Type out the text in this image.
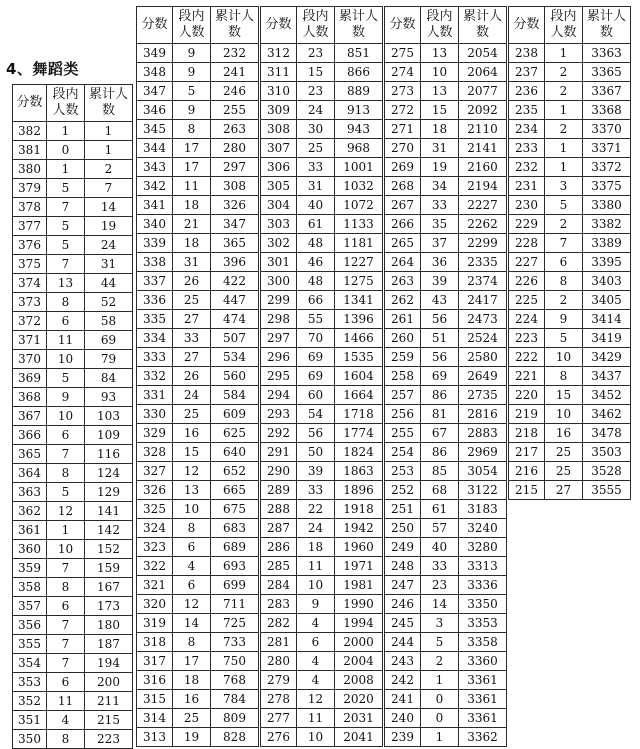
4、舞蹈类
分数	段内人数	累计人数
382	1	1
381	0	1
380	1	2
379	5	7
378	7	14
377	5	19
376	5	24
375	7	31
374	13	44
373	8	52
372	6	58
371	11	69
370	10	79
369	5	84
368	9	93
367	10	103
366	6	109
365	7	116
364	8	124
363	5	129
362	12	141
361	1	142
360	10	152
359	7	159
358	8	167
357	6	173
356	7	180
355	7	187
354	7	194
353	6	200
352	11	211
351	4	215
350	8	223
分数	段内人数	累计人数
349	9	232
348	9	241
347	5	246
346	9	255
345	8	263
344	17	280
343	17	297
342	11	308
341	18	326
340	21	347
339	18	365
338	31	396
337	26	422
336	25	447
335	27	474
334	33	507
333	27	534
332	26	560
331	24	584
330	25	609
329	16	625
328	15	640
327	12	652
326	13	665
325	10	675
324	8	683
323	6	689
322	4	693
321	6	699
320	12	711
319	14	725
318	8	733
317	17	750
316	18	768
315	16	784
314	25	809
313	19	828
分数	段内人数	累计人数
312	23	851
311	15	866
310	23	889
309	24	913
308	30	943
307	25	968
306	33	1001
305	31	1032
304	40	1072
303	61	1133
302	48	1181
301	46	1227
300	48	1275
299	66	1341
298	55	1396
297	70	1466
296	69	1535
295	69	1604
294	60	1664
293	54	1718
292	56	1774
291	50	1824
290	39	1863
289	33	1896
288	22	1918
287	24	1942
286	18	1960
285	11	1971
284	10	1981
283	9	1990
282	4	1994
281	6	2000
280	4	2004
279	4	2008
278	12	2020
277	11	2031
276	10	2041
分数	段内人数	累计人数
275	13	2054
274	10	2064
273	13	2077
272	15	2092
271	18	2110
270	31	2141
269	19	2160
268	34	2194
267	33	2227
266	35	2262
265	37	2299
264	36	2335
263	39	2374
262	43	2417
261	56	2473
260	51	2524
259	56	2580
258	69	2649
257	86	2735
256	81	2816
255	67	2883
254	86	2969
253	85	3054
252	68	3122
251	61	3183
250	57	3240
249	40	3280
248	33	3313
247	23	3336
246	14	3350
245	3	3353
244	5	3358
243	2	3360
242	1	3361
241	0	3361
240	0	3361
239	1	3362
分数	段内人数	累计人数
238	1	3363
237	2	3365
236	2	3367
235	1	3368
234	2	3370
233	1	3371
232	1	3372
231	3	3375
230	5	3380
229	2	3382
228	7	3389
227	6	3395
226	8	3403
225	2	3405
224	9	3414
223	5	3419
222	10	3429
221	8	3437
220	15	3452
219	10	3462
218	16	3478
217	25	3503
216	25	3528
215	27	3555
